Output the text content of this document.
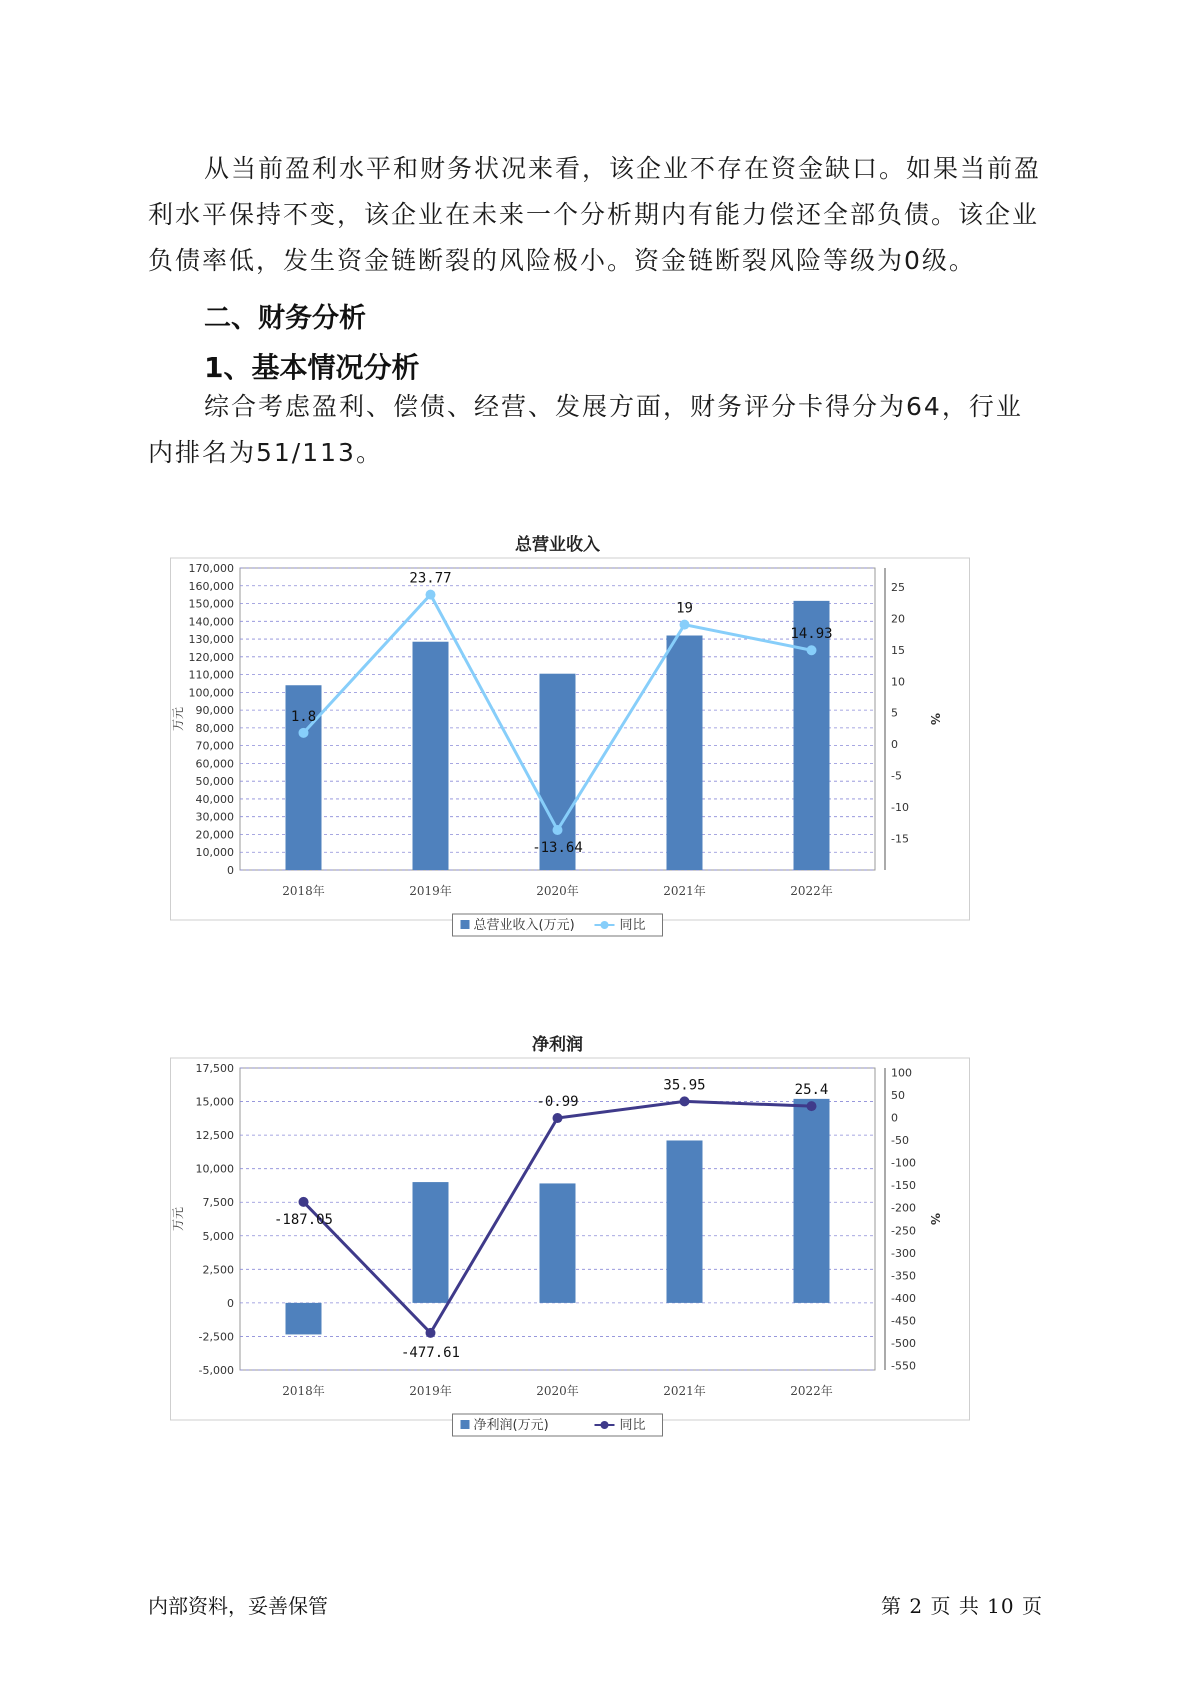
从当前盈利水平和财务状况来看，该企业不存在资金缺口。如果当前盈利水平保持不变，该企业在未来一个分析期内有能力偿还全部负债。该企业负债率低，发生资金链断裂的风险极小。资金链断裂风险等级为0级。

二、财务分析
1、基本情况分析

综合考虑盈利、偿债、经营、发展方面，财务评分卡得分为64，行业内排名为51/113。

总营业收入
0
10,000
20,000
30,000
40,000
50,000
60,000
70,000
80,000
90,000
100,000
110,000
120,000
130,000
140,000
150,000
160,000
170,000
-15
-10
-5
0
5
10
15
20
25
万元	%
2018年	2019年	2020年	2021年	2022年
1.8
23.77
-13.64
19
14.93
总营业收入(万元)	同比
净利润
-5,000
-2,500
0
2,500
5,000
7,500
10,000
12,500
15,000
17,500
-550
-500
-450
-400
-350
-300
-250
-200
-150
-100
-50
0
50
100
万元	%
2018年	2019年	2020年	2021年	2022年
-187.05
-477.61
-0.99
35.95	25.4
净利润(万元)	同比
内部资料，妥善保管	第 2 页 共 10 页
